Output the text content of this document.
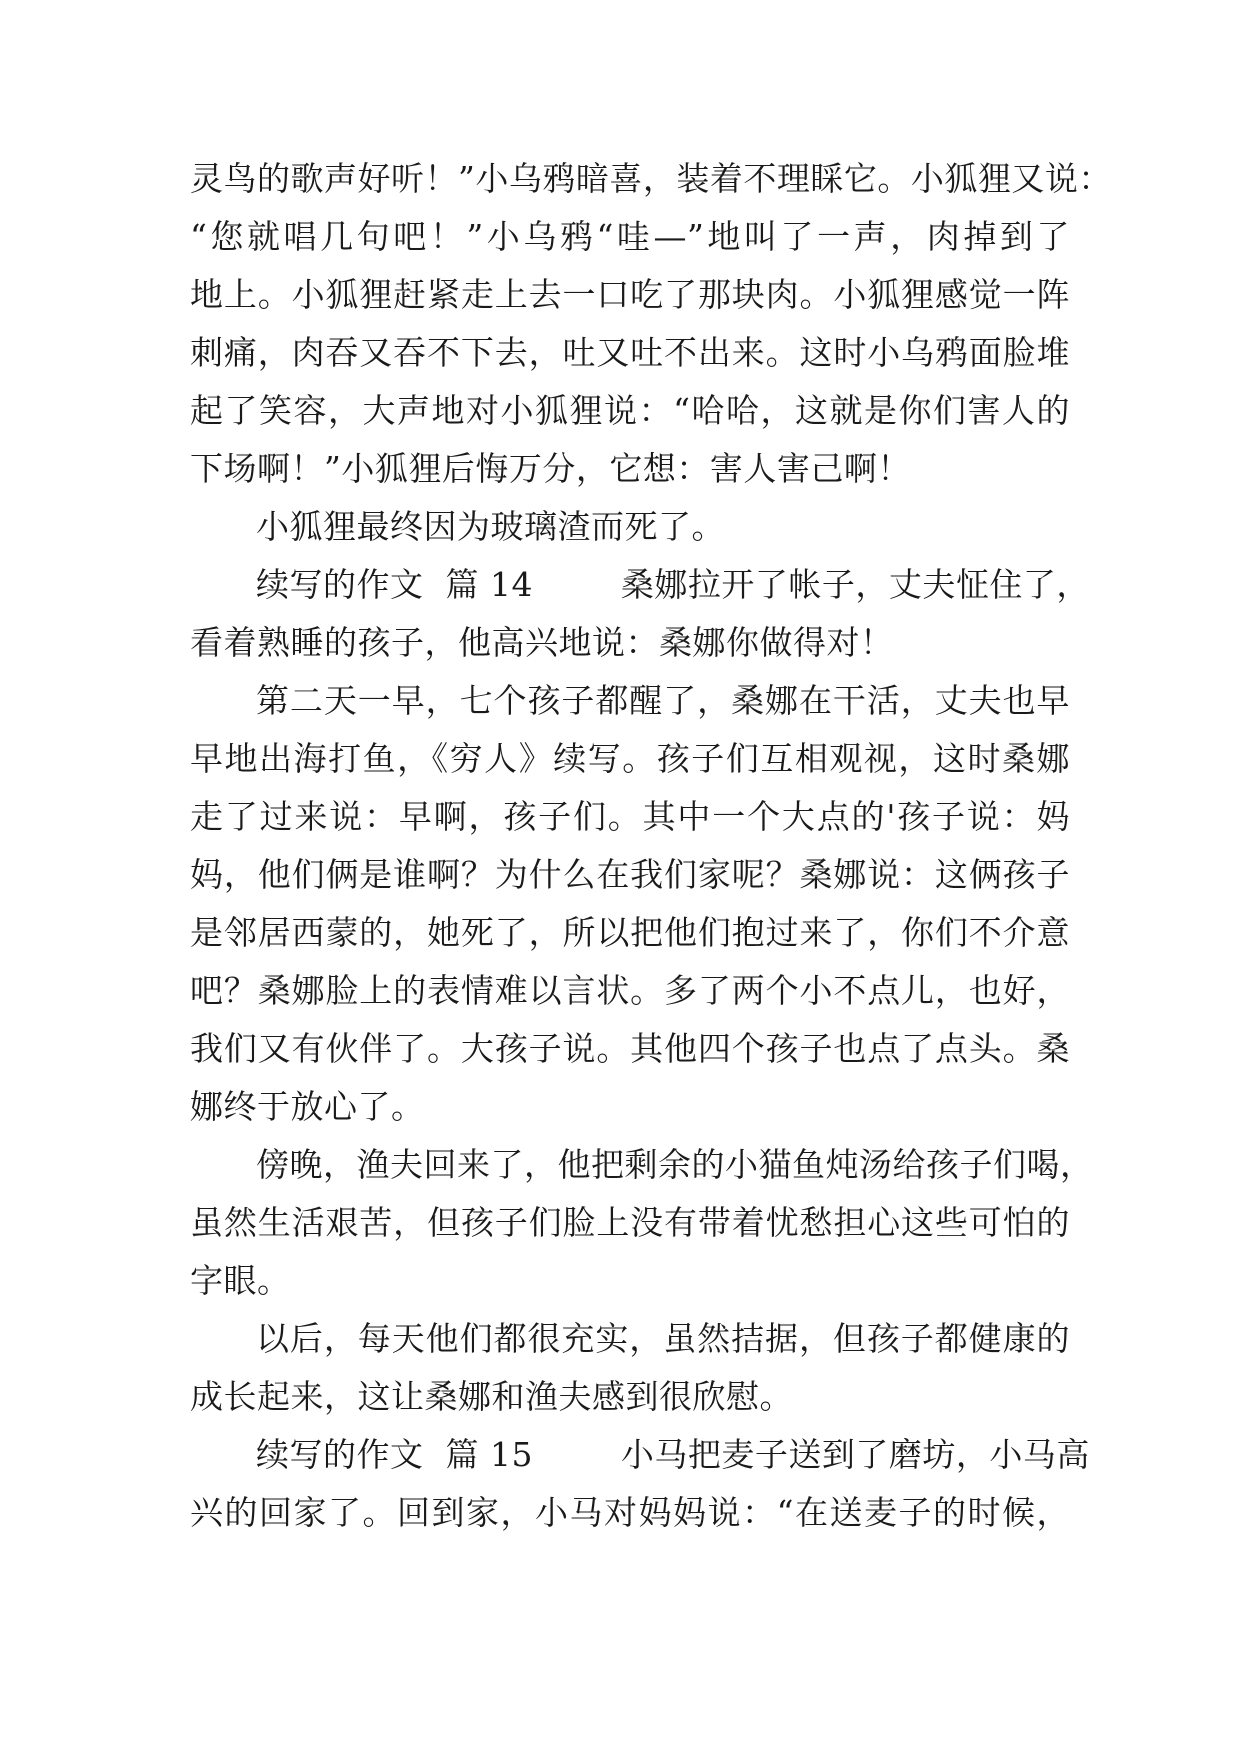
灵鸟的歌声好听！”小乌鸦暗喜，装着不理睬它。小狐狸又说：
“您就唱几句吧！”小乌鸦“哇—”地叫了一声，肉掉到了
地上。小狐狸赶紧走上去一口吃了那块肉。小狐狸感觉一阵
刺痛，肉吞又吞不下去，吐又吐不出来。这时小乌鸦面脸堆
起了笑容，大声地对小狐狸说：“哈哈，这就是你们害人的
下场啊！”小狐狸后悔万分，它想：害人害己啊！
小狐狸最终因为玻璃渣而死了。
续写的作文  篇 14        桑娜拉开了帐子，丈夫怔住了，
看着熟睡的孩子，他高兴地说：桑娜你做得对！
第二天一早，七个孩子都醒了，桑娜在干活，丈夫也早
早地出海打鱼，《穷人》续写。孩子们互相观视，这时桑娜
走了过来说：早啊，孩子们。其中一个大点的'孩子说：妈
妈，他们俩是谁啊？为什么在我们家呢？桑娜说：这俩孩子
是邻居西蒙的，她死了，所以把他们抱过来了，你们不介意
吧？桑娜脸上的表情难以言状。多了两个小不点儿，也好，
我们又有伙伴了。大孩子说。其他四个孩子也点了点头。桑
娜终于放心了。
傍晚，渔夫回来了，他把剩余的小猫鱼炖汤给孩子们喝，
虽然生活艰苦，但孩子们脸上没有带着忧愁担心这些可怕的
字眼。
以后，每天他们都很充实，虽然拮据，但孩子都健康的
成长起来，这让桑娜和渔夫感到很欣慰。
续写的作文  篇 15        小马把麦子送到了磨坊，小马高
兴的回家了。回到家，小马对妈妈说：“在送麦子的时候，
